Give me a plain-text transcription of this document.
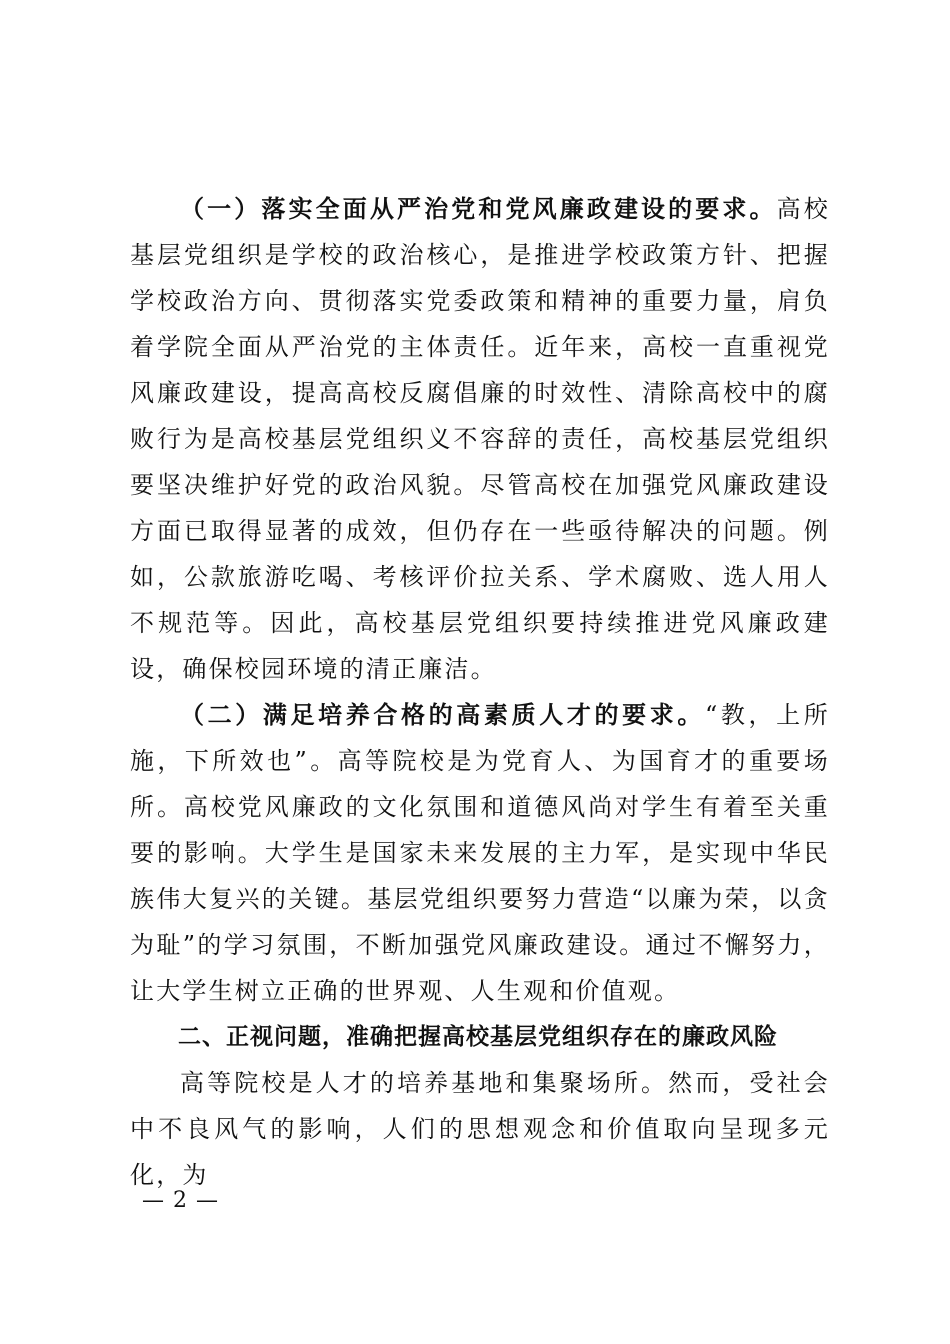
（一）落实全面从严治党和党风廉政建设的要求。高校基层党组织是学校的政治核心，是推进学校政策方针、把握学校政治方向、贯彻落实党委政策和精神的重要力量，肩负着学院全面从严治党的主体责任。近年来，高校一直重视党风廉政建设，提高高校反腐倡廉的时效性、清除高校中的腐败行为是高校基层党组织义不容辞的责任，高校基层党组织要坚决维护好党的政治风貌。尽管高校在加强党风廉政建设方面已取得显著的成效，但仍存在一些亟待解决的问题。例如，公款旅游吃喝、考核评价拉关系、学术腐败、选人用人不规范等。因此，高校基层党组织要持续推进党风廉政建设，确保校园环境的清正廉洁。

（二）满足培养合格的高素质人才的要求。“教，上所施，下所效也”。高等院校是为党育人、为国育才的重要场所。高校党风廉政的文化氛围和道德风尚对学生有着至关重要的影响。大学生是国家未来发展的主力军，是实现中华民族伟大复兴的关键。基层党组织要努力营造“以廉为荣，以贪为耻”的学习氛围，不断加强党风廉政建设。通过不懈努力，让大学生树立正确的世界观、人生观和价值观。

二、正视问题，准确把握高校基层党组织存在的廉政风险

高等院校是人才的培养基地和集聚场所。然而，受社会中不良风气的影响，人们的思想观念和价值取向呈现多元化，为

— 2 —
